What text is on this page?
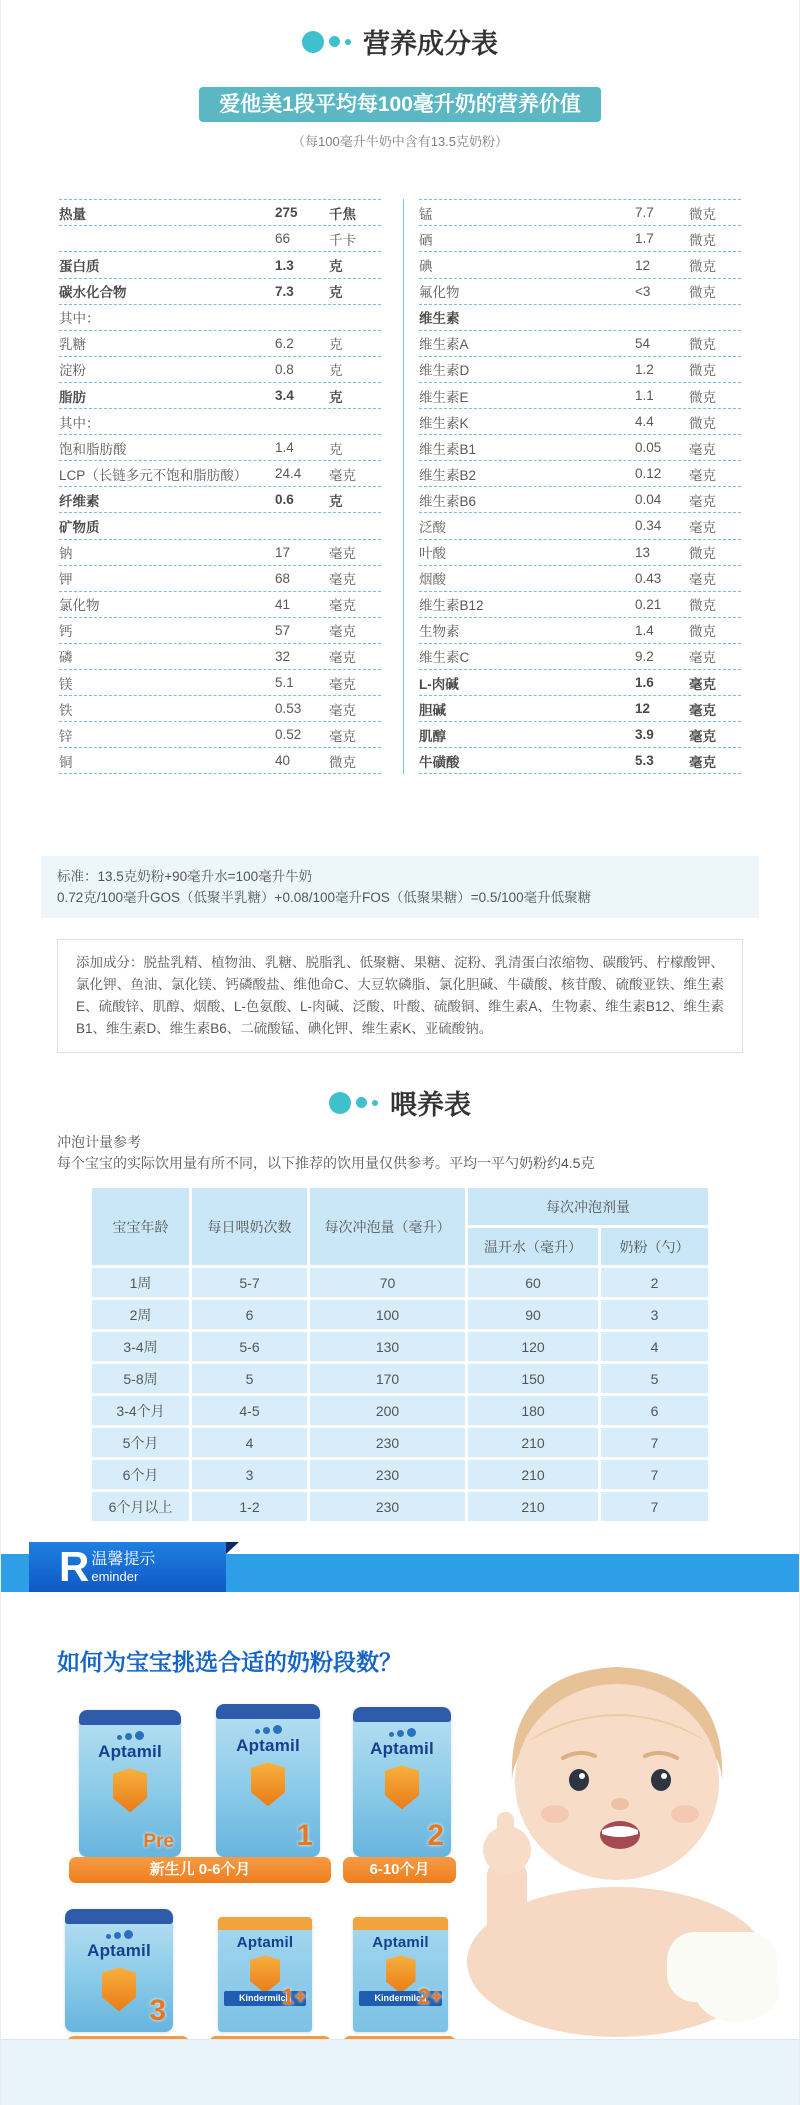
营养成分表
爱他美1段平均每100毫升奶的营养价值
（每100毫升牛奶中含有13.5克奶粉）
热量	275	千焦
66	千卡
蛋白质	1.3	克
碳水化合物	7.3	克
其中：
乳糖	6.2	克
淀粉	0.8	克
脂肪	3.4	克
其中：
饱和脂肪酸	1.4	克
LCP（长链多元不饱和脂肪酸）	24.4	毫克
纤维素	0.6	克
矿物质
钠	17	毫克
钾	68	毫克
氯化物	41	毫克
钙	57	毫克
磷	32	毫克
镁	5.1	毫克
铁	0.53	毫克
锌	0.52	毫克
铜	40	微克
锰	7.7	微克
硒	1.7	微克
碘	12	微克
氟化物	<3	微克
维生素
维生素A	54	微克
维生素D	1.2	微克
维生素E	1.1	微克
维生素K	4.4	微克
维生素B1	0.05	毫克
维生素B2	0.12	毫克
维生素B6	0.04	毫克
泛酸	0.34	毫克
叶酸	13	微克
烟酸	0.43	毫克
维生素B12	0.21	微克
生物素	1.4	微克
维生素C	9.2	毫克
L-肉碱	1.6	毫克
胆碱	12	毫克
肌醇	3.9	毫克
牛磺酸	5.3	毫克
标准：13.5克奶粉+90毫升水=100毫升牛奶
0.72克/100毫升GOS（低聚半乳糖）+0.08/100毫升FOS（低聚果糖）=0.5/100毫升低聚糖
添加成分：脱盐乳精、植物油、乳糖、脱脂乳、低聚糖、果糖、淀粉、乳清蛋白浓缩物、碳酸钙、柠檬酸钾、氯化钾、鱼油、氯化镁、钙磷酸盐、维他命C、大豆软磷脂、氯化胆碱、牛磺酸、核苷酸、硫酸亚铁、维生素E、硫酸锌、肌醇、烟酸、L-色氨酸、L-肉碱、泛酸、叶酸、硫酸铜、维生素A、生物素、维生素B12、维生素B1、维生素D、维生素B6、二硫酸锰、碘化钾、维生素K、亚硫酸钠。
喂养表
冲泡计量参考
每个宝宝的实际饮用量有所不同，以下推荐的饮用量仅供参考。平均一平勺奶粉约4.5克
宝宝年龄	每日喂奶次数	每次冲泡量（毫升）	每次冲泡剂量	
			温开水（毫升）	奶粉（勺）
1周	5-7	70	60	2
2周	6	100	90	3
3-4周	5-6	130	120	4
5-8周	5	170	150	5
3-4个月	4-5	200	180	6
5个月	4	230	210	7
6个月	3	230	210	7
6个月以上	1-2	230	210	7
R 温馨提示
eminder
如何为宝宝挑选合适的奶粉段数？
Aptamil
Pre
Aptamil
1
Aptamil
2
新生儿 0-6个月	6-10个月
Aptamil
3
Aptamil
Kindermilch
1+
Aptamil
Kindermilch
2+
